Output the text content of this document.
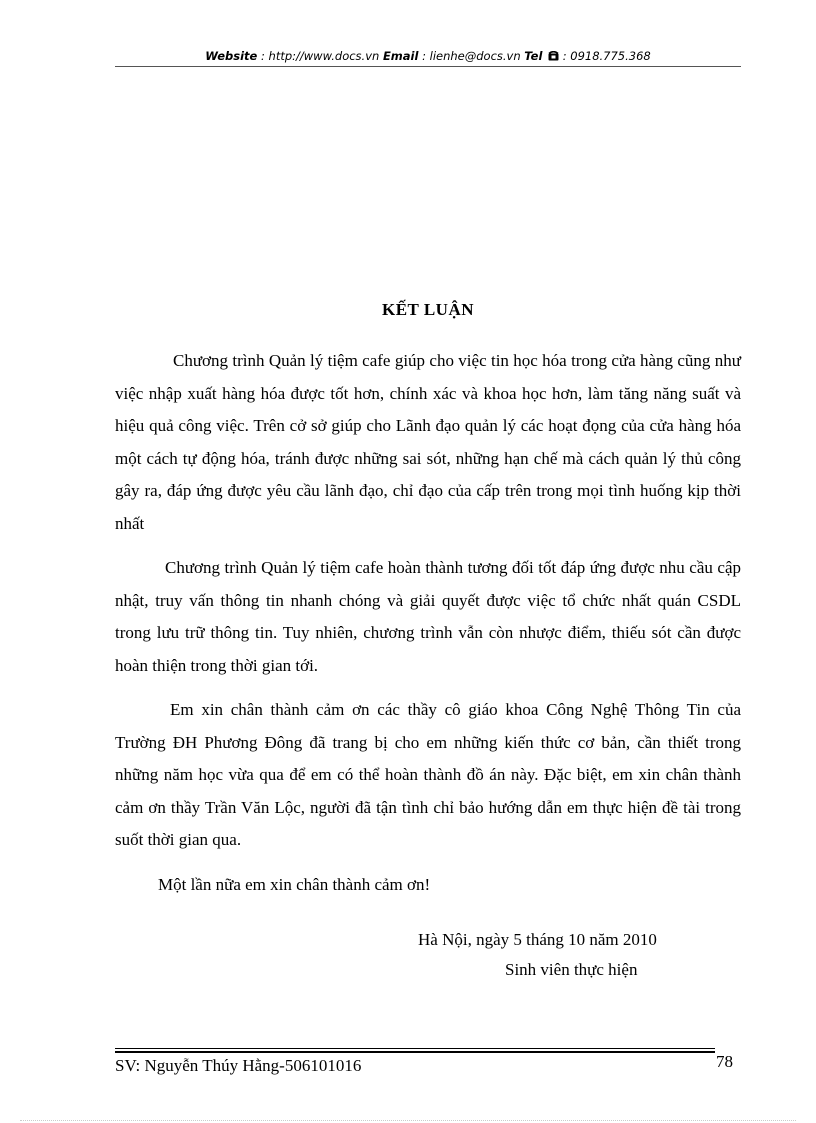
Website : http://www.docs.vn Email : lienhe@docs.vn Tel  : 0918.775.368
KẾT LUẬN

Chương trình Quản lý tiệm cafe giúp cho việc tin học hóa trong cửa hàng cũng như việc nhập xuất hàng hóa được tốt hơn, chính xác và khoa học hơn, làm tăng năng suất và hiệu quả công việc. Trên cở sở giúp cho Lãnh đạo quản lý các hoạt đọng của cửa hàng hóa một cách tự động hóa, tránh được những sai sót, những hạn chế mà cách quản lý thủ công gây ra, đáp ứng được yêu cầu lãnh đạo, chỉ đạo của cấp trên trong mọi tình huống kịp thời nhất

Chương trình Quản lý tiệm cafe hoàn thành tương đối tốt đáp ứng được nhu cầu cập nhật, truy vấn thông tin nhanh chóng và giải quyết được việc tổ chức nhất quán CSDL trong lưu trữ thông tin. Tuy nhiên, chương trình vẫn còn nhược điểm, thiếu sót cần được hoàn thiện trong thời gian tới.

Em xin chân thành cảm ơn các thầy cô giáo khoa Công Nghệ Thông Tin của Trường ĐH Phương Đông đã trang bị cho em những kiến thức cơ bản, cần thiết trong những năm học vừa qua để em có thể hoàn thành đồ án này. Đặc biệt, em xin chân thành cảm ơn thầy Trần Văn Lộc, người đã tận tình chỉ bảo hướng dẫn em thực hiện đề tài trong suốt thời gian qua.

Một lần nữa em xin chân thành cảm ơn!

Hà Nội, ngày 5 tháng 10 năm 2010
Sinh viên thực hiện
SV: Nguyễn Thúy Hằng-506101016	78
